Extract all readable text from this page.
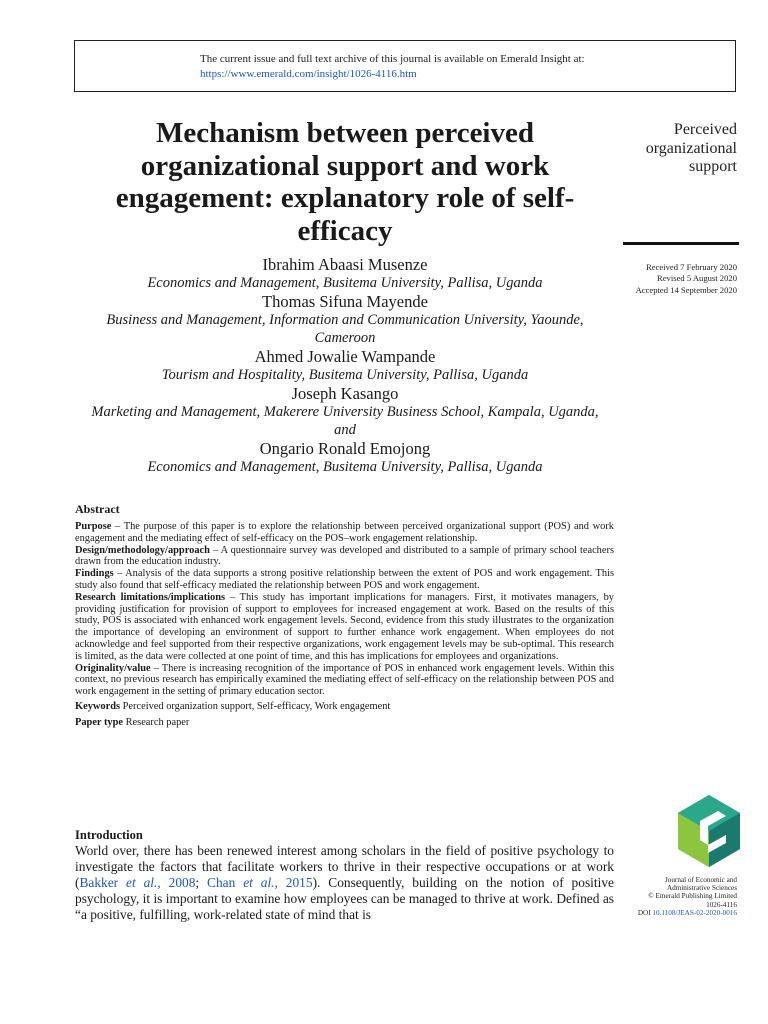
The current issue and full text archive of this journal is available on Emerald Insight at:
https://www.emerald.com/insight/1026-4116.htm
Mechanism between perceived organizational support and work engagement: explanatory role of self-efficacy
Perceived organizational support
Received 7 February 2020
Revised 5 August 2020
Accepted 14 September 2020
Ibrahim Abaasi Musenze
Economics and Management, Busitema University, Pallisa, Uganda
Thomas Sifuna Mayende
Business and Management, Information and Communication University, Yaounde, Cameroon
Ahmed Jowalie Wampande
Tourism and Hospitality, Busitema University, Pallisa, Uganda
Joseph Kasango
Marketing and Management, Makerere University Business School, Kampala, Uganda, and
Ongario Ronald Emojong
Economics and Management, Busitema University, Pallisa, Uganda
Abstract

Purpose – The purpose of this paper is to explore the relationship between perceived organizational support (POS) and work engagement and the mediating effect of self-efficacy on the POS–work engagement relationship.

Design/methodology/approach – A questionnaire survey was developed and distributed to a sample of primary school teachers drawn from the education industry.

Findings – Analysis of the data supports a strong positive relationship between the extent of POS and work engagement. This study also found that self-efficacy mediated the relationship between POS and work engagement.

Research limitations/implications – This study has important implications for managers. First, it motivates managers, by providing justification for provision of support to employees for increased engagement at work. Based on the results of this study, POS is associated with enhanced work engagement levels. Second, evidence from this study illustrates to the organization the importance of developing an environment of support to further enhance work engagement. When employees do not acknowledge and feel supported from their respective organizations, work engagement levels may be sub-optimal. This research is limited, as the data were collected at one point of time, and this has implications for employees and organizations.

Originality/value – There is increasing recognition of the importance of POS in enhanced work engagement levels. Within this context, no previous research has empirically examined the mediating effect of self-efficacy on the relationship between POS and work engagement in the setting of primary education sector.

Keywords Perceived organization support, Self-efficacy, Work engagement

Paper type Research paper

Introduction

World over, there has been renewed interest among scholars in the field of positive psychology to investigate the factors that facilitate workers to thrive in their respective occupations or at work (Bakker et al., 2008; Chan et al., 2015). Consequently, building on the notion of positive psychology, it is important to examine how employees can be managed to thrive at work. Defined as “a positive, fulfilling, work-related state of mind that is

Journal of Economic and
Administrative Sciences
© Emerald Publishing Limited
1026-4116
DOI 10.1108/JEAS-02-2020-0016
